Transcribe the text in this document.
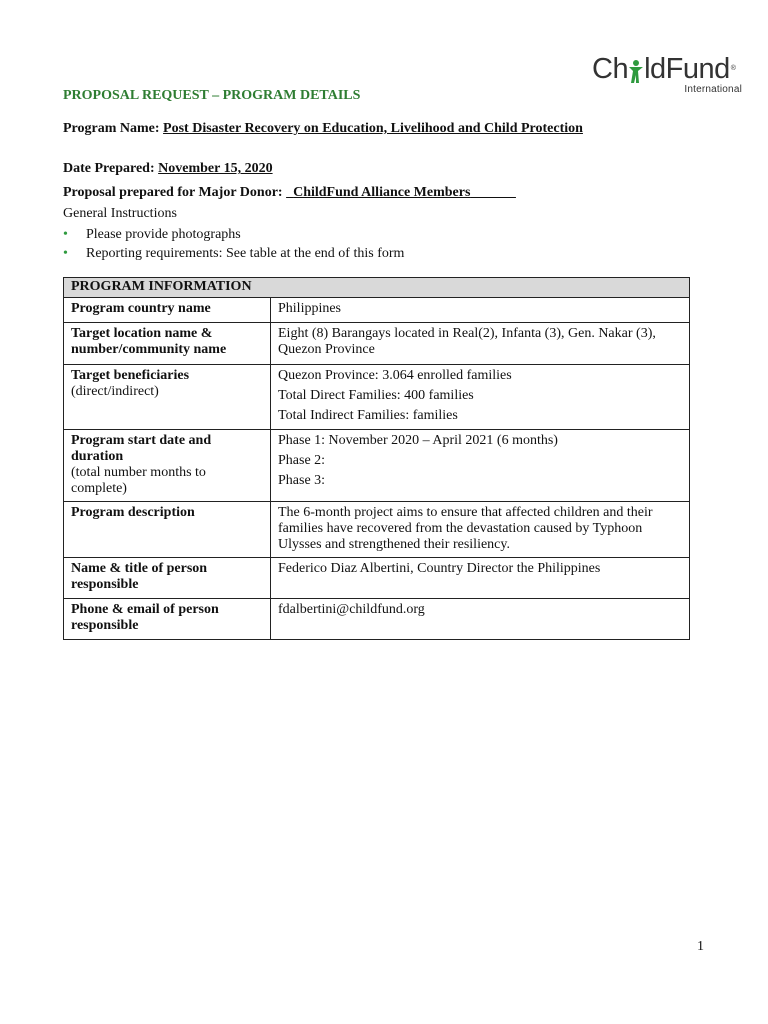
Ch ldFund ®
International
PROPOSAL REQUEST – PROGRAM DETAILS
Program Name: Post Disaster Recovery on Education, Livelihood and Child Protection
Date Prepared: November 15, 2020
Proposal prepared for Major Donor: ChildFund Alliance Members
General Instructions
• Please provide photographs
• Reporting requirements: See table at the end of this form
PROGRAM INFORMATION	

Program country name	Philippines

Target location name & number/community name	Eight (8) Barangays located in Real(2), Infanta (3), Gen. Nakar (3), Quezon Province

Target beneficiaries
(direct/indirect)	Quezon Province: 3.064 enrolled families
Total Direct Families: 400 families
Total Indirect Families: families

Program start date and duration
(total number months to complete)	Phase 1: November 2020 – April 2021 (6 months)
Phase 2:
Phase 3:

Program description	The 6-month project aims to ensure that affected children and their families have recovered from the devastation caused by Typhoon Ulysses and strengthened their resiliency.

Name & title of person responsible	Federico Diaz Albertini, Country Director the Philippines

Phone & email of person responsible	fdalbertini@childfund.org
1
